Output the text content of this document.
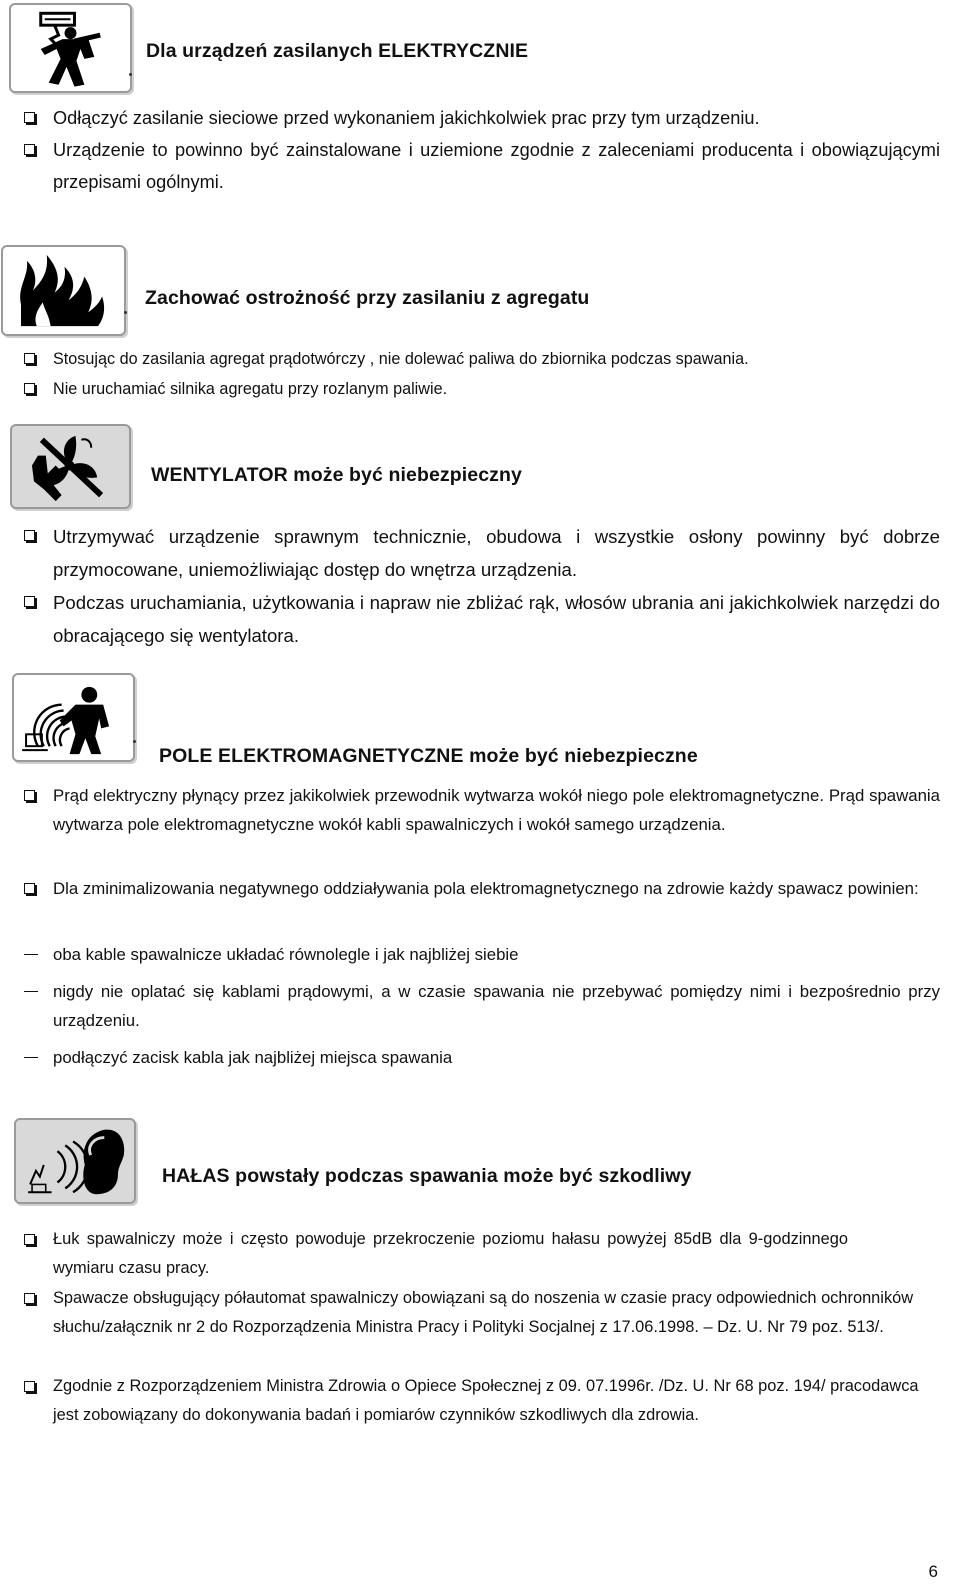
Dla urządzeń zasilanych ELEKTRYCZNIE
Odłączyć zasilanie sieciowe przed wykonaniem jakichkolwiek prac przy tym urządzeniu.
Urządzenie to powinno być zainstalowane i uziemione zgodnie z zaleceniami producenta i obowiązującymi przepisami ogólnymi.
Zachować ostrożność przy zasilaniu z agregatu
Stosując do zasilania agregat prądotwórczy , nie dolewać paliwa do zbiornika podczas spawania.
Nie uruchamiać silnika agregatu przy rozlanym paliwie.
WENTYLATOR może być niebezpieczny
Utrzymywać urządzenie sprawnym technicznie, obudowa i wszystkie osłony powinny być dobrze przymocowane, uniemożliwiając dostęp do wnętrza urządzenia.
Podczas uruchamiania, użytkowania i napraw nie zbliżać rąk, włosów ubrania ani jakichkolwiek narzędzi do obracającego się wentylatora.
POLE ELEKTROMAGNETYCZNE może być niebezpieczne
Prąd elektryczny płynący przez jakikolwiek przewodnik wytwarza wokół niego pole elektromagnetyczne. Prąd spawania wytwarza pole elektromagnetyczne wokół kabli spawalniczych i wokół samego urządzenia.
Dla zminimalizowania negatywnego oddziaływania pola elektromagnetycznego na zdrowie każdy spawacz powinien:
oba kable spawalnicze układać równolegle i jak najbliżej siebie
nigdy nie oplatać się kablami prądowymi, a w czasie spawania nie przebywać pomiędzy nimi i bezpośrednio przy urządzeniu.
podłączyć zacisk kabla jak najbliżej miejsca spawania
HAŁAS powstały podczas spawania może być szkodliwy
Łuk spawalniczy może i często powoduje przekroczenie poziomu hałasu powyżej 85dB dla 9-godzinnego wymiaru czasu pracy.
Spawacze obsługujący półautomat spawalniczy obowiązani są do noszenia w czasie pracy odpowiednich ochronników słuchu/załącznik nr 2 do Rozporządzenia Ministra Pracy i Polityki Socjalnej z 17.06.1998. – Dz. U. Nr 79 poz. 513/.
Zgodnie z Rozporządzeniem Ministra Zdrowia o Opiece Społecznej z 09. 07.1996r. /Dz. U. Nr 68 poz. 194/ pracodawca jest zobowiązany do dokonywania badań i pomiarów czynników szkodliwych dla zdrowia.
6
